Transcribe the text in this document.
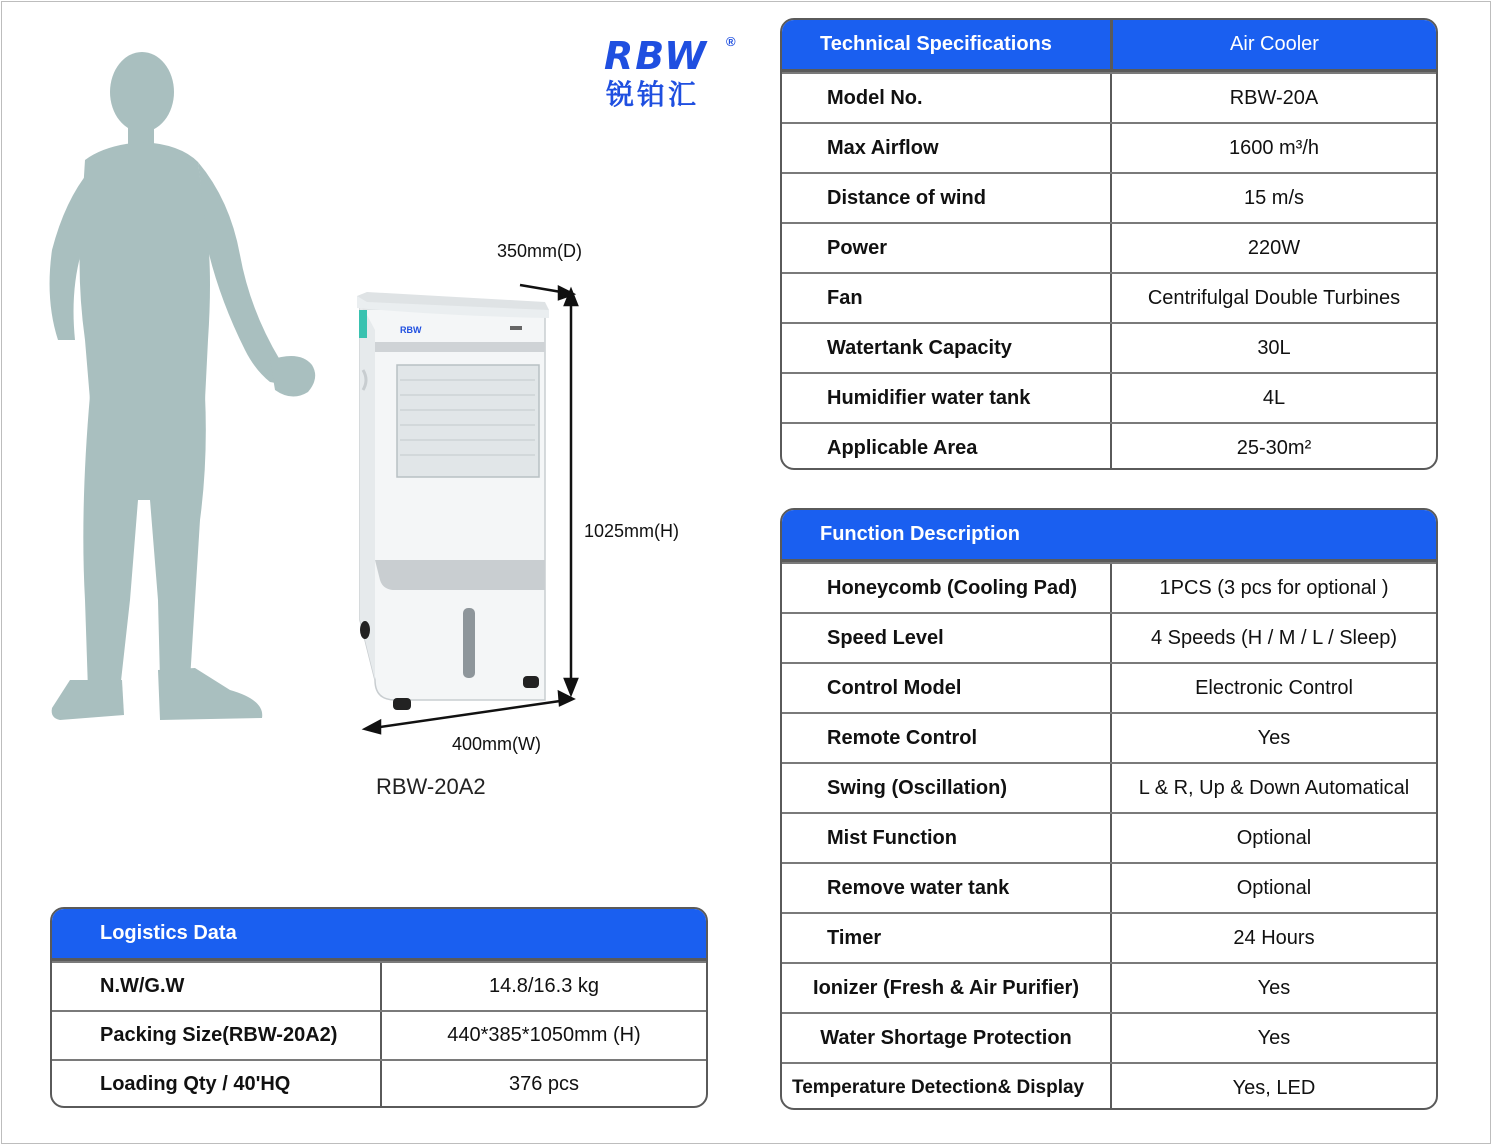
RBW ®
锐铂汇
RBW
350mm(D)
1025mm(H)
400mm(W)
RBW-20A2
Technical Specifications	Air Cooler
Model No.	RBW-20A
Max Airflow	1600 m³/h
Distance of wind	15 m/s
Power	220W
Fan	Centrifulgal Double Turbines
Watertank Capacity	30L
Humidifier water tank	4L
Applicable Area	25-30m²
Function Description
Honeycomb (Cooling Pad)	1PCS (3 pcs for optional )
Speed Level	4 Speeds (H / M / L / Sleep)
Control Model	Electronic Control
Remote Control	Yes
Swing (Oscillation)	L & R, Up & Down Automatical
Mist Function	Optional
Remove water tank	Optional
Timer	24 Hours
Ionizer (Fresh & Air Purifier)	Yes
Water Shortage Protection	Yes
Temperature Detection& Display	Yes, LED
Logistics Data
N.W/G.W	14.8/16.3 kg
Packing Size(RBW-20A2)	440*385*1050mm (H)
Loading Qty / 40'HQ	376 pcs
